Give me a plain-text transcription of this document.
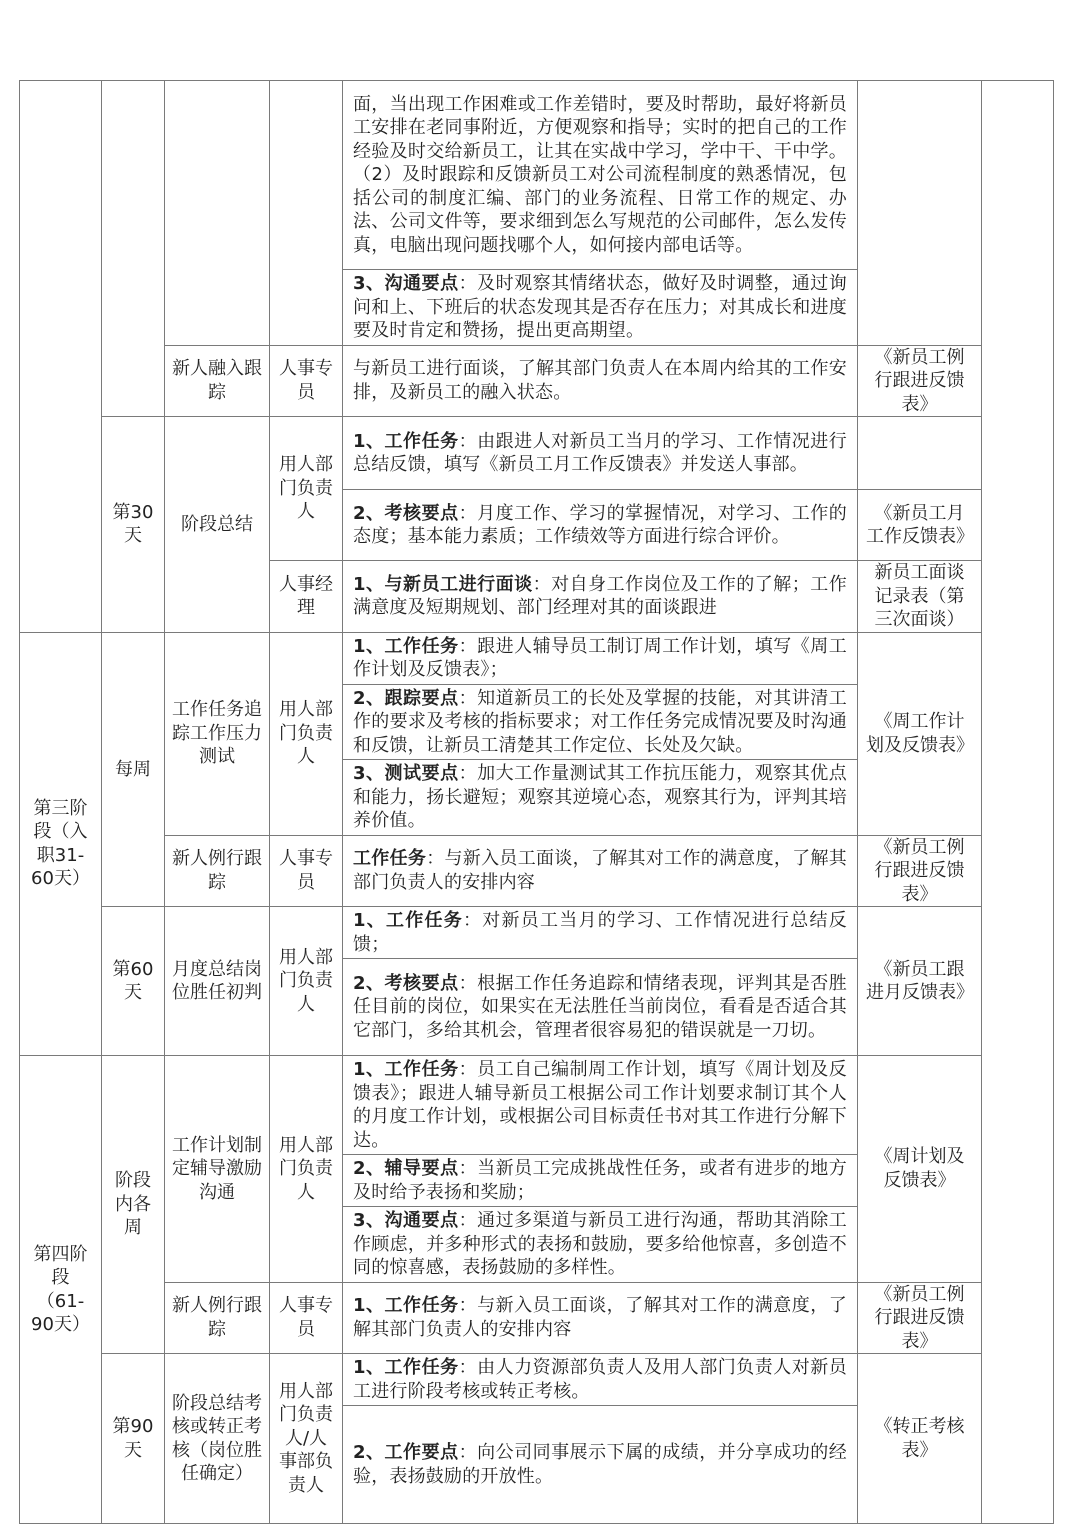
				面，当出现工作困难或工作差错时，要及时帮助，最好将新员工安排在老同事附近，方便观察和指导；实时的把自己的工作经验及时交给新员工，让其在实战中学习，学中干、干中学。（2）及时跟踪和反馈新员工对公司流程制度的熟悉情况，包括公司的制度汇编、部门的业务流程、日常工作的规定、办法、公司文件等，要求细到怎么写规范的公司邮件，怎么发传真，电脑出现问题找哪个人，如何接内部电话等。		
				3、沟通要点：及时观察其情绪状态，做好及时调整，通过询问和上、下班后的状态发现其是否存在压力；对其成长和进度要及时肯定和赞扬，提出更高期望。		
		新人融入跟踪	人事专员	与新员工进行面谈，了解其部门负责人在本周内给其的工作安排，及新员工的融入状态。	《新员工例行跟进反馈表》	
	第30天	阶段总结	用人部门负责人	1、工作任务：由跟进人对新员工当月的学习、工作情况进行总结反馈，填写《新员工月工作反馈表》并发送人事部。		
				2、考核要点：月度工作、学习的掌握情况，对学习、工作的态度；基本能力素质；工作绩效等方面进行综合评价。	《新员工月工作反馈表》	
			人事经理	1、与新员工进行面谈：对自身工作岗位及工作的了解；工作满意度及短期规划、部门经理对其的面谈跟进	新员工面谈记录表（第三次面谈）	
第三阶段（入职31-60天）	每周	工作任务追踪工作压力测试	用人部门负责人	1、工作任务：跟进人辅导员工制订周工作计划，填写《周工作计划及反馈表》；	《周工作计划及反馈表》	
				2、跟踪要点：知道新员工的长处及掌握的技能，对其讲清工作的要求及考核的指标要求；对工作任务完成情况要及时沟通和反馈，让新员工清楚其工作定位、长处及欠缺。		
				3、测试要点：加大工作量测试其工作抗压能力，观察其优点和能力，扬长避短；观察其逆境心态，观察其行为，评判其培养价值。		
		新人例行跟踪	人事专员	工作任务：与新入员工面谈，了解其对工作的满意度，了解其部门负责人的安排内容	《新员工例行跟进反馈表》	
	第60天	月度总结岗位胜任初判	用人部门负责人	1、工作任务：对新员工当月的学习、工作情况进行总结反馈；	《新员工跟进月反馈表》	
				2、考核要点：根据工作任务追踪和情绪表现，评判其是否胜任目前的岗位，如果实在无法胜任当前岗位，看看是否适合其它部门，多给其机会，管理者很容易犯的错误就是一刀切。		
第四阶段（61-90天）	阶段内各周	工作计划制定辅导激励沟通	用人部门负责人	1、工作任务：员工自己编制周工作计划，填写《周计划及反馈表》；跟进人辅导新员工根据公司工作计划要求制订其个人的月度工作计划，或根据公司目标责任书对其工作进行分解下达。	《周计划及反馈表》	
				2、辅导要点：当新员工完成挑战性任务，或者有进步的地方及时给予表扬和奖励；		
				3、沟通要点：通过多渠道与新员工进行沟通，帮助其消除工作顾虑，并多种形式的表扬和鼓励，要多给他惊喜，多创造不同的惊喜感，表扬鼓励的多样性。		
		新人例行跟踪	人事专员	1、工作任务：与新入员工面谈，了解其对工作的满意度，了解其部门负责人的安排内容	《新员工例行跟进反馈表》	
	第90天	阶段总结考核或转正考核（岗位胜任确定）	用人部门负责人/人事部负责人	1、工作任务：由人力资源部负责人及用人部门负责人对新员工进行阶段考核或转正考核。	《转正考核表》	
				2、工作要点：向公司同事展示下属的成绩，并分享成功的经验，表扬鼓励的开放性。		
